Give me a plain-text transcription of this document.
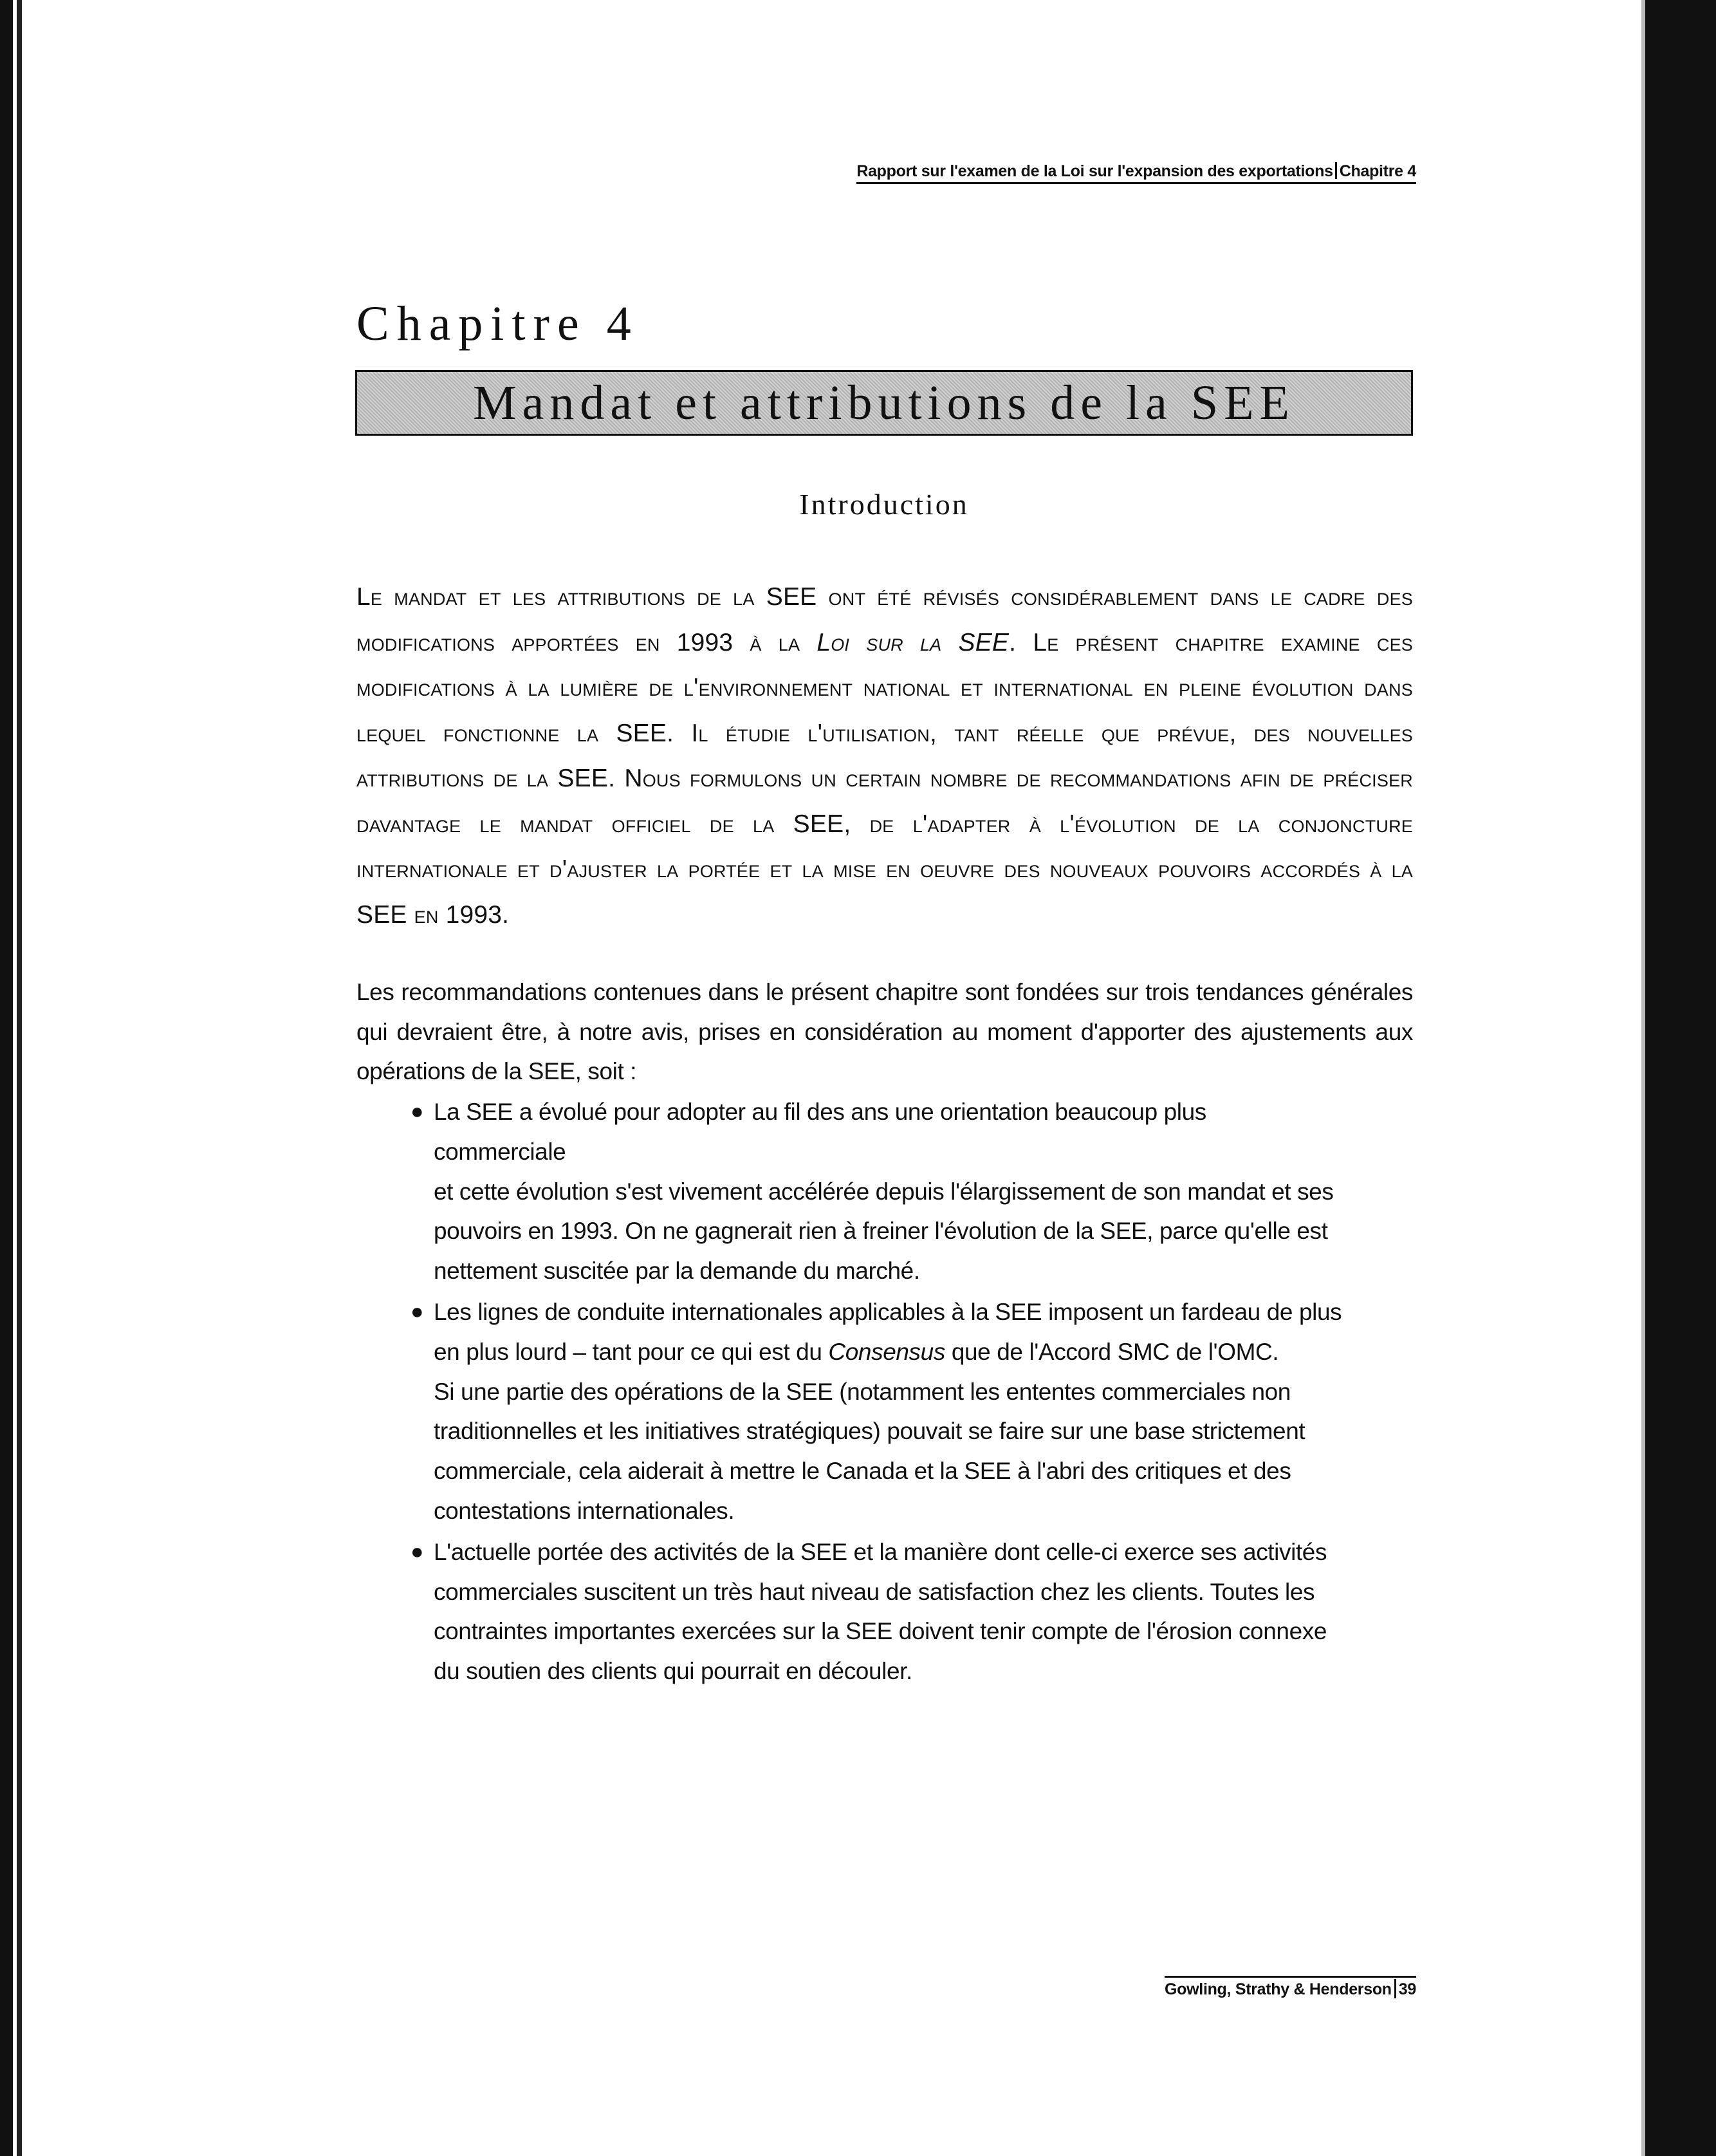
Rapport sur l'examen de la Loi sur l'expansion des exportations Chapitre 4
Chapitre 4
Mandat et attributions de la SEE
Introduction

Le mandat et les attributions de la SEE ont été révisés considérablement dans le cadre des modifications apportées en 1993 à la Loi sur la SEE. Le présent chapitre examine ces modifications à la lumière de l'environnement national et international en pleine évolution dans lequel fonctionne la SEE. Il étudie l'utilisation, tant réelle que prévue, des nouvelles attributions de la SEE. Nous formulons un certain nombre de recommandations afin de préciser davantage le mandat officiel de la SEE, de l'adapter à l'évolution de la conjoncture internationale et d'ajuster la portée et la mise en oeuvre des nouveaux pouvoirs accordés à la SEE en 1993.

Les recommandations contenues dans le présent chapitre sont fondées sur trois tendances générales qui devraient être, à notre avis, prises en considération au moment d'apporter des ajustements aux opérations de la SEE, soit :

● La SEE a évolué pour adopter au fil des ans une orientation beaucoup plus commerciale
et cette évolution s'est vivement accélérée depuis l'élargissement de son mandat et ses
pouvoirs en 1993. On ne gagnerait rien à freiner l'évolution de la SEE, parce qu'elle est
nettement suscitée par la demande du marché.
● Les lignes de conduite internationales applicables à la SEE imposent un fardeau de plus
en plus lourd – tant pour ce qui est du Consensus que de l'Accord SMC de l'OMC.
Si une partie des opérations de la SEE (notamment les ententes commerciales non
traditionnelles et les initiatives stratégiques) pouvait se faire sur une base strictement
commerciale, cela aiderait à mettre le Canada et la SEE à l'abri des critiques et des
contestations internationales.
● L'actuelle portée des activités de la SEE et la manière dont celle-ci exerce ses activités
commerciales suscitent un très haut niveau de satisfaction chez les clients. Toutes les
contraintes importantes exercées sur la SEE doivent tenir compte de l'érosion connexe
du soutien des clients qui pourrait en découler.
Gowling, Strathy & Henderson 39
